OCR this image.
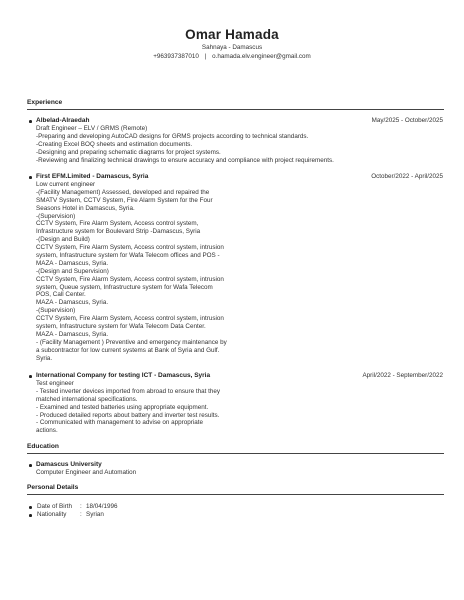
Omar Hamada
Sahnaya - Damascus
+963937387010 | o.hamada.elv.engineer@gmail.com
Experience
Albelad-Alraedah	May/2025 - October/2025
Draft Engineer – ELV / GRMS (Remote)
-Preparing and developing AutoCAD designs for GRMS projects according to technical standards.
-Creating Excel BOQ sheets and estimation documents.
-Designing and preparing schematic diagrams for project systems.
-Reviewing and finalizing technical drawings to ensure accuracy and compliance with project requirements.
First EFM.Limited - Damascus, Syria	October/2022 - April/2025
Low current engineer
-(Facility Management) Assessed, developed and repaired the
SMATV System, CCTV System, Fire Alarm System for the Four
Seasons Hotel in Damascus, Syria.
-(Supervision)
CCTV System, Fire Alarm System, Access control system,
Infrastructure system for Boulevard Strip -Damascus, Syria
-(Design and Build)
CCTV System, Fire Alarm System, Access control system, intrusion
system, Infrastructure system for Wafa Telecom offices and POS -
MAZA - Damascus, Syria.
-(Design and Supervision)
CCTV System, Fire Alarm System, Access control system, intrusion
system, Queue system, Infrastructure system for Wafa Telecom
POS, Call Center.
MAZA - Damascus, Syria.
-(Supervision)
CCTV System, Fire Alarm System, Access control system, intrusion
system, Infrastructure system for Wafa Telecom Data Center.
MAZA - Damascus, Syria.
- (Facility Management ) Preventive and emergency maintenance by
a subcontractor for low current systems at Bank of Syria and Gulf.
Syria.
International Company for testing ICT - Damascus, Syria	April/2022 - September/2022
Test engineer
- Tested inverter devices imported from abroad to ensure that they
matched international specifications.
- Examined and tested batteries using appropriate equipment.
- Produced detailed reports about battery and inverter test results.
- Communicated with management to advise on appropriate
actions.
Education
Damascus University
Computer Engineer and Automation
Personal Details
Date of Birth : 18/04/1996
Nationality : Syrian
